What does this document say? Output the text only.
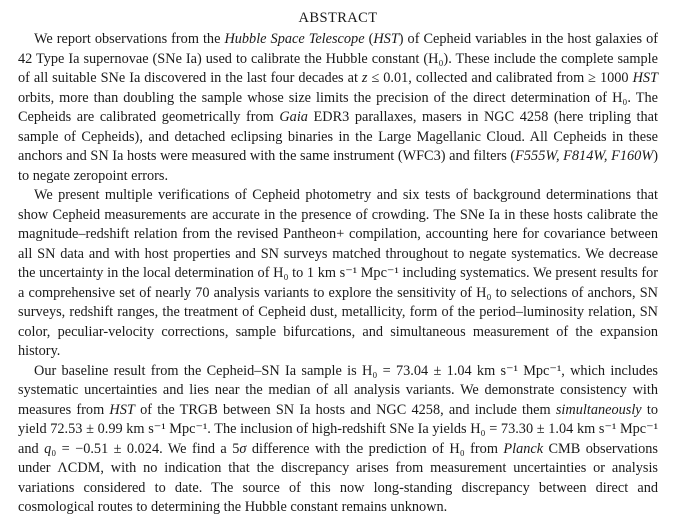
ABSTRACT

We report observations from the Hubble Space Telescope (HST) of Cepheid variables in the host galaxies of 42 Type Ia supernovae (SNe Ia) used to calibrate the Hubble constant (H₀). These include the complete sample of all suitable SNe Ia discovered in the last four decades at z ≤ 0.01, collected and calibrated from ≥ 1000 HST orbits, more than doubling the sample whose size limits the precision of the direct determination of H₀. The Cepheids are calibrated geometrically from Gaia EDR3 parallaxes, masers in NGC 4258 (here tripling that sample of Cepheids), and detached eclipsing binaries in the Large Magellanic Cloud. All Cepheids in these anchors and SN Ia hosts were measured with the same instrument (WFC3) and filters (F555W, F814W, F160W) to negate zeropoint errors.

We present multiple verifications of Cepheid photometry and six tests of background determinations that show Cepheid measurements are accurate in the presence of crowding. The SNe Ia in these hosts calibrate the magnitude–redshift relation from the revised Pantheon+ compilation, accounting here for covariance between all SN data and with host properties and SN surveys matched throughout to negate systematics. We decrease the uncertainty in the local determination of H₀ to 1 km s⁻¹ Mpc⁻¹ including systematics. We present results for a comprehensive set of nearly 70 analysis variants to explore the sensitivity of H₀ to selections of anchors, SN surveys, redshift ranges, the treatment of Cepheid dust, metallicity, form of the period–luminosity relation, SN color, peculiar-velocity corrections, sample bifurcations, and simultaneous measurement of the expansion history.

Our baseline result from the Cepheid–SN Ia sample is H₀ = 73.04 ± 1.04 km s⁻¹ Mpc⁻¹, which includes systematic uncertainties and lies near the median of all analysis variants. We demonstrate consistency with measures from HST of the TRGB between SN Ia hosts and NGC 4258, and include them simultaneously to yield 72.53 ± 0.99 km s⁻¹ Mpc⁻¹. The inclusion of high-redshift SNe Ia yields H₀ = 73.30 ± 1.04 km s⁻¹ Mpc⁻¹ and q₀ = −0.51 ± 0.024. We find a 5σ difference with the prediction of H₀ from Planck CMB observations under ΛCDM, with no indication that the discrepancy arises from measurement uncertainties or analysis variations considered to date. The source of this now long-standing discrepancy between direct and cosmological routes to determining the Hubble constant remains unknown.
